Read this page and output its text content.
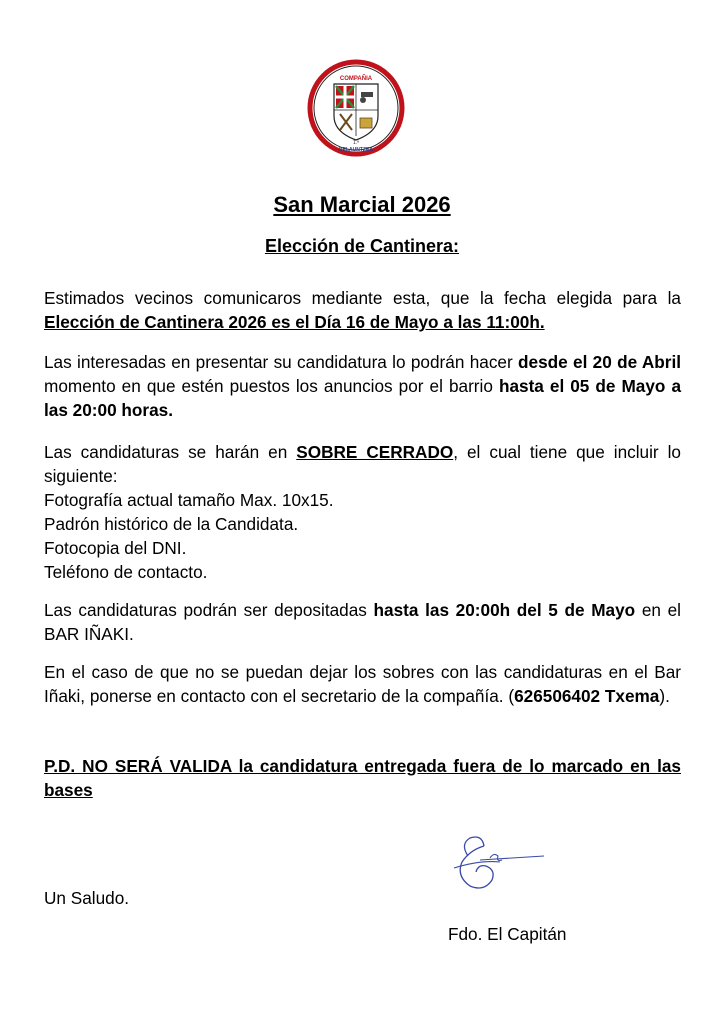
COMPAÑIA
1.ª
BELAUNTZEA
San Marcial 2026
Elección de Cantinera:
Estimados vecinos comunicaros mediante esta, que la fecha elegida para la Elección de Cantinera 2026 es el Día 16 de Mayo a las 11:00h.
Las interesadas en presentar su candidatura lo podrán hacer desde el 20 de Abril momento en que estén puestos los anuncios por el barrio hasta el 05 de Mayo a las 20:00 horas.
Las candidaturas se harán en SOBRE CERRADO, el cual tiene que incluir lo siguiente:
Fotografía actual tamaño Max. 10x15.
Padrón histórico de la Candidata.
Fotocopia del DNI.
Teléfono de contacto.
Las candidaturas podrán ser depositadas hasta las 20:00h del 5 de Mayo en el BAR IÑAKI.
En el caso de que no se puedan dejar los sobres con las candidaturas en el Bar Iñaki, ponerse en contacto con el secretario de la compañía. (626506402 Txema).
P.D. NO SERÁ VALIDA la candidatura entregada fuera de lo marcado en las bases
Un Saludo.
Fdo. El Capitán
